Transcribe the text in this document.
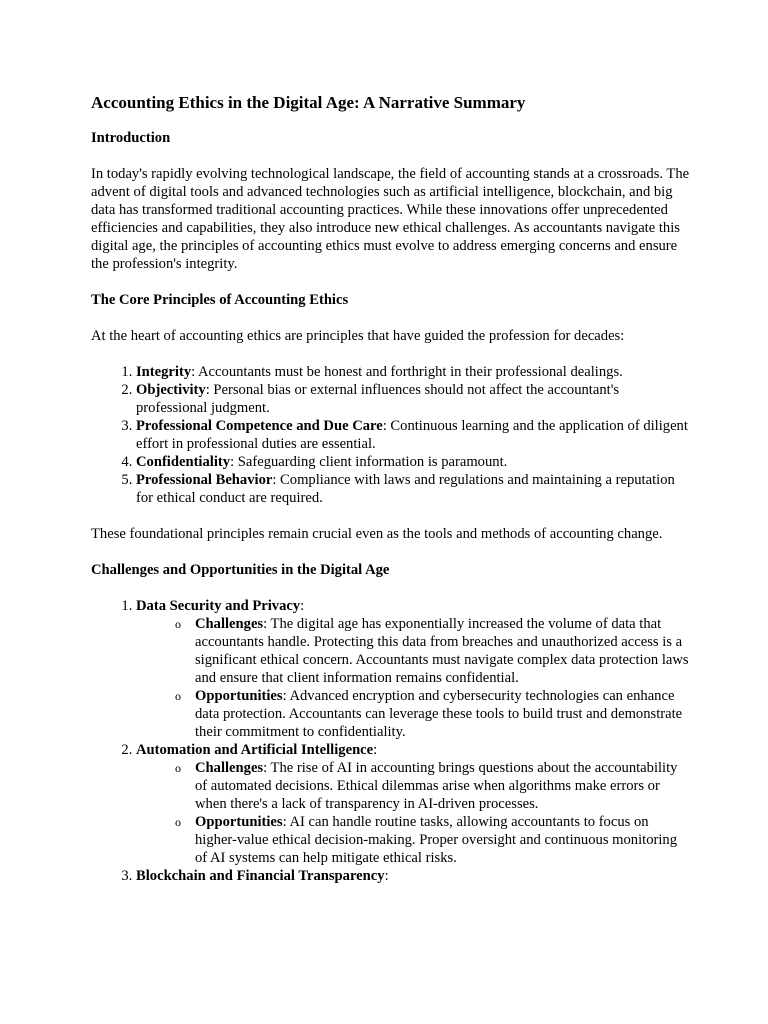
Accounting Ethics in the Digital Age: A Narrative Summary
Introduction
In today's rapidly evolving technological landscape, the field of accounting stands at a crossroads. The advent of digital tools and advanced technologies such as artificial intelligence, blockchain, and big data has transformed traditional accounting practices. While these innovations offer unprecedented efficiencies and capabilities, they also introduce new ethical challenges. As accountants navigate this digital age, the principles of accounting ethics must evolve to address emerging concerns and ensure the profession's integrity.
The Core Principles of Accounting Ethics
At the heart of accounting ethics are principles that have guided the profession for decades:
1. Integrity: Accountants must be honest and forthright in their professional dealings.
2. Objectivity: Personal bias or external influences should not affect the accountant's professional judgment.
3. Professional Competence and Due Care: Continuous learning and the application of diligent effort in professional duties are essential.
4. Confidentiality: Safeguarding client information is paramount.
5. Professional Behavior: Compliance with laws and regulations and maintaining a reputation for ethical conduct are required.
These foundational principles remain crucial even as the tools and methods of accounting change.
Challenges and Opportunities in the Digital Age
1. Data Security and Privacy:
o Challenges: The digital age has exponentially increased the volume of data that accountants handle. Protecting this data from breaches and unauthorized access is a significant ethical concern. Accountants must navigate complex data protection laws and ensure that client information remains confidential.
o Opportunities: Advanced encryption and cybersecurity technologies can enhance data protection. Accountants can leverage these tools to build trust and demonstrate their commitment to confidentiality.
2. Automation and Artificial Intelligence:
o Challenges: The rise of AI in accounting brings questions about the accountability of automated decisions. Ethical dilemmas arise when algorithms make errors or when there's a lack of transparency in AI-driven processes.
o Opportunities: AI can handle routine tasks, allowing accountants to focus on higher-value ethical decision-making. Proper oversight and continuous monitoring of AI systems can help mitigate ethical risks.
3. Blockchain and Financial Transparency:
